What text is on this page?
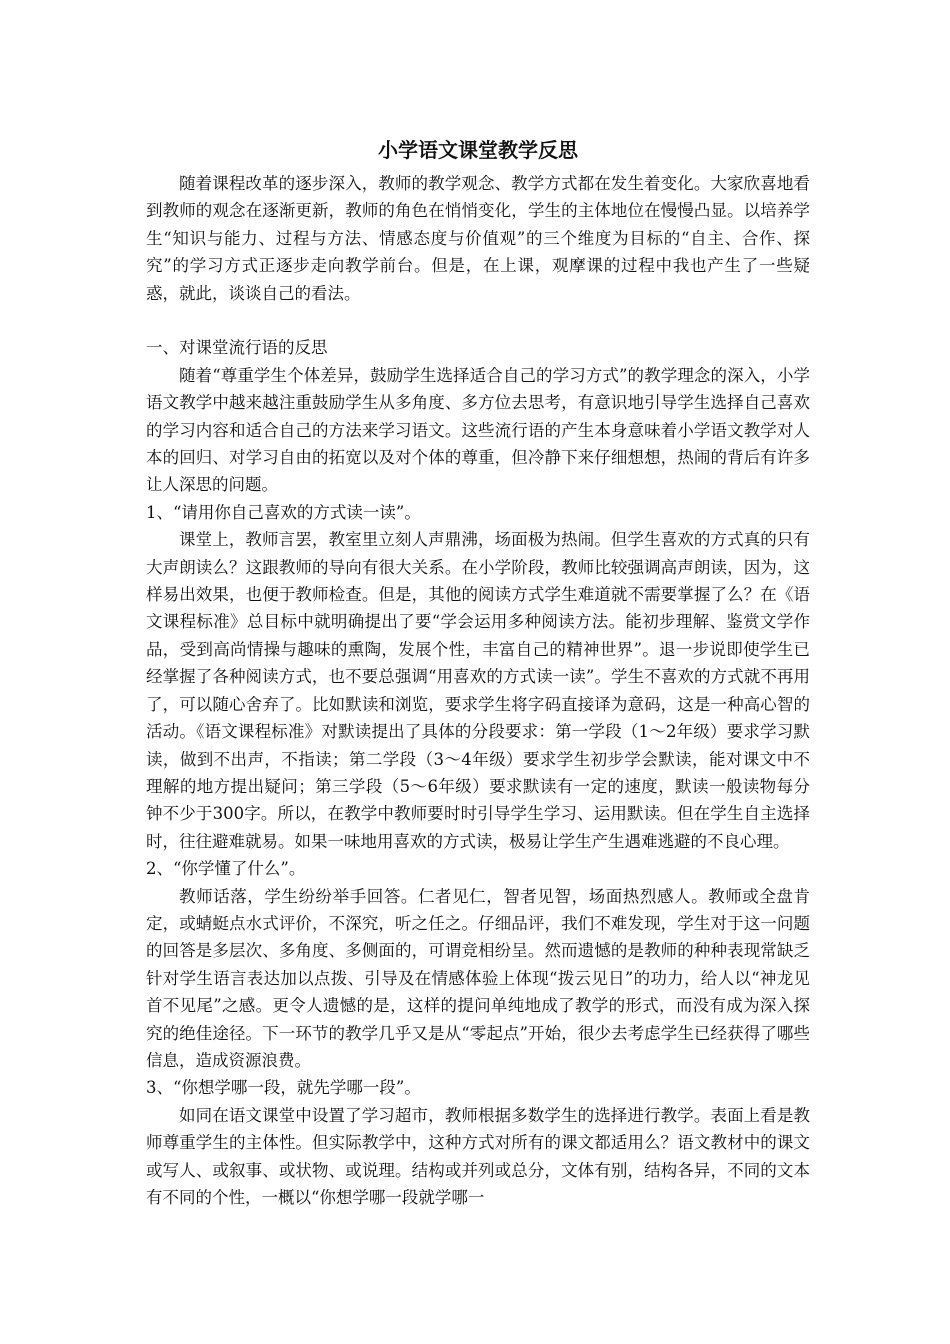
小学语文课堂教学反思

随着课程改革的逐步深入，教师的教学观念、教学方式都在发生着变化。大家欣喜地看到教师的观念在逐渐更新，教师的角色在悄悄变化，学生的主体地位在慢慢凸显。以培养学生“知识与能力、过程与方法、情感态度与价值观”的三个维度为目标的“自主、合作、探究”的学习方式正逐步走向教学前台。但是，在上课，观摩课的过程中我也产生了一些疑惑，就此，谈谈自己的看法。

一、对课堂流行语的反思

随着“尊重学生个体差异，鼓励学生选择适合自己的学习方式”的教学理念的深入，小学语文教学中越来越注重鼓励学生从多角度、多方位去思考，有意识地引导学生选择自己喜欢的学习内容和适合自己的方法来学习语文。这些流行语的产生本身意味着小学语文教学对人本的回归、对学习自由的拓宽以及对个体的尊重，但冷静下来仔细想想，热闹的背后有许多让人深思的问题。

1、“请用你自己喜欢的方式读一读”。

课堂上，教师言罢，教室里立刻人声鼎沸，场面极为热闹。但学生喜欢的方式真的只有大声朗读么？这跟教师的导向有很大关系。在小学阶段，教师比较强调高声朗读，因为，这样易出效果，也便于教师检查。但是，其他的阅读方式学生难道就不需要掌握了么？在《语文课程标准》总目标中就明确提出了要“学会运用多种阅读方法。能初步理解、鉴赏文学作品，受到高尚情操与趣味的熏陶，发展个性，丰富自己的精神世界”。退一步说即使学生已经掌握了各种阅读方式，也不要总强调“用喜欢的方式读一读”。学生不喜欢的方式就不再用了，可以随心舍弃了。比如默读和浏览，要求学生将字码直接译为意码，这是一种高心智的活动。《语文课程标准》对默读提出了具体的分段要求：第一学段（1～2年级）要求学习默读，做到不出声，不指读；第二学段（3～4年级）要求学生初步学会默读，能对课文中不理解的地方提出疑问；第三学段（5～6年级）要求默读有一定的速度，默读一般读物每分钟不少于300字。所以，在教学中教师要时时引导学生学习、运用默读。但在学生自主选择时，往往避难就易。如果一味地用喜欢的方式读，极易让学生产生遇难逃避的不良心理。

2、“你学懂了什么”。

教师话落，学生纷纷举手回答。仁者见仁，智者见智，场面热烈感人。教师或全盘肯定，或蜻蜓点水式评价，不深究，听之任之。仔细品评，我们不难发现，学生对于这一问题的回答是多层次、多角度、多侧面的，可谓竞相纷呈。然而遗憾的是教师的种种表现常缺乏针对学生语言表达加以点拨、引导及在情感体验上体现“拨云见日”的功力，给人以“神龙见首不见尾”之感。更令人遗憾的是，这样的提问单纯地成了教学的形式，而没有成为深入探究的绝佳途径。下一环节的教学几乎又是从“零起点”开始，很少去考虑学生已经获得了哪些信息，造成资源浪费。

3、“你想学哪一段，就先学哪一段”。

如同在语文课堂中设置了学习超市，教师根据多数学生的选择进行教学。表面上看是教师尊重学生的主体性。但实际教学中，这种方式对所有的课文都适用么？语文教材中的课文或写人、或叙事、或状物、或说理。结构或并列或总分，文体有别，结构各异，不同的文本有不同的个性，一概以“你想学哪一段就学哪一
